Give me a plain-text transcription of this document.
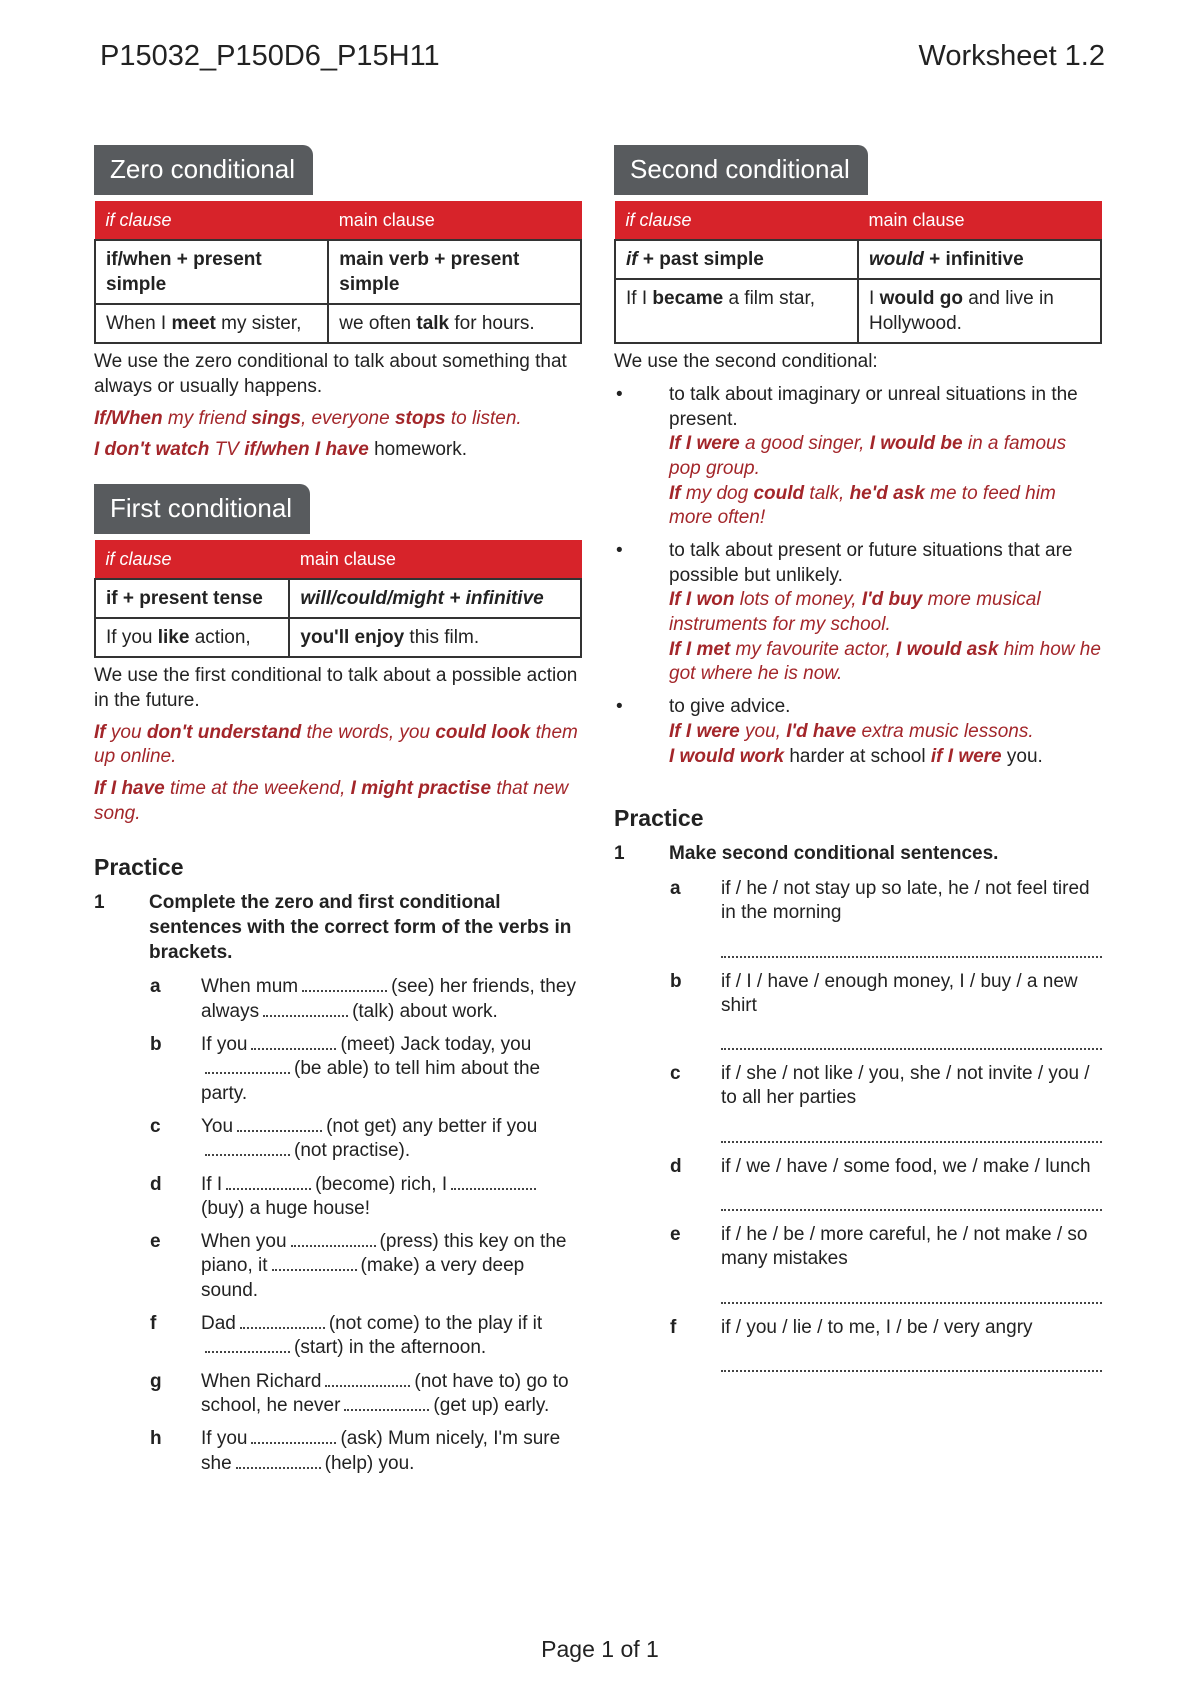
P15032_P150D6_P15H11	Worksheet 1.2
Zero conditional
if clause	main clause
if/when + present simple	main verb + present simple
When I meet my sister,	we often talk for hours.

We use the zero conditional to talk about something that always or usually happens.

If/When my friend sings, everyone stops to listen.

I don't watch TV if/when I have homework.

First conditional
if clause	main clause
if + present tense	will/could/might + infinitive
If you like action,	you'll enjoy this film.

We use the first conditional to talk about a possible action in the future.

If you don't understand the words, you could look them up online.

If I have time at the weekend, I might practise that new song.

Practice
1 Complete the zero and first conditional sentences with the correct form of the verbs in brackets.
a When mum	(see) her friends, they always	(talk) about work.
b If you	(meet) Jack today, you(be able) to tell him about the party.
c You	(not get) any better if you(not practise).
d If I	(become) rich, I(buy) a huge house!
e When you	(press) this key on the piano, it	(make) a very deep sound.
f Dad	(not come) to the play if it(start) in the afternoon.
g When Richard	(not have to) go to school, he never	(get up) early.
h If you	(ask) Mum nicely, I'm sure she	(help) you.
Second conditional
if clause	main clause
if + past simple	would + infinitive
If I became a film star,	I would go and live in Hollywood.

We use the second conditional:

• to talk about imaginary or unreal situations in the present.

If I were a good singer, I would be in a famous pop group.

If my dog could talk, he'd ask me to feed him more often!

• to talk about present or future situations that are possible but unlikely.

If I won lots of money, I'd buy more musical instruments for my school.

If I met my favourite actor, I would ask him how he got where he is now.

• to give advice.

If I were you, I'd have extra music lessons.

I would work harder at school if I were you.

Practice
1 Make second conditional sentences.
a if / he / not stay up so late, he / not feel tired in the morning
b if / I / have / enough money, I / buy / a new shirt
c if / she / not like / you, she / not invite / you / to all her parties
d if / we / have / some food, we / make / lunch
e if / he / be / more careful, he / not make / so many mistakes
f if / you / lie / to me, I / be / very angry
Page 1 of 1
